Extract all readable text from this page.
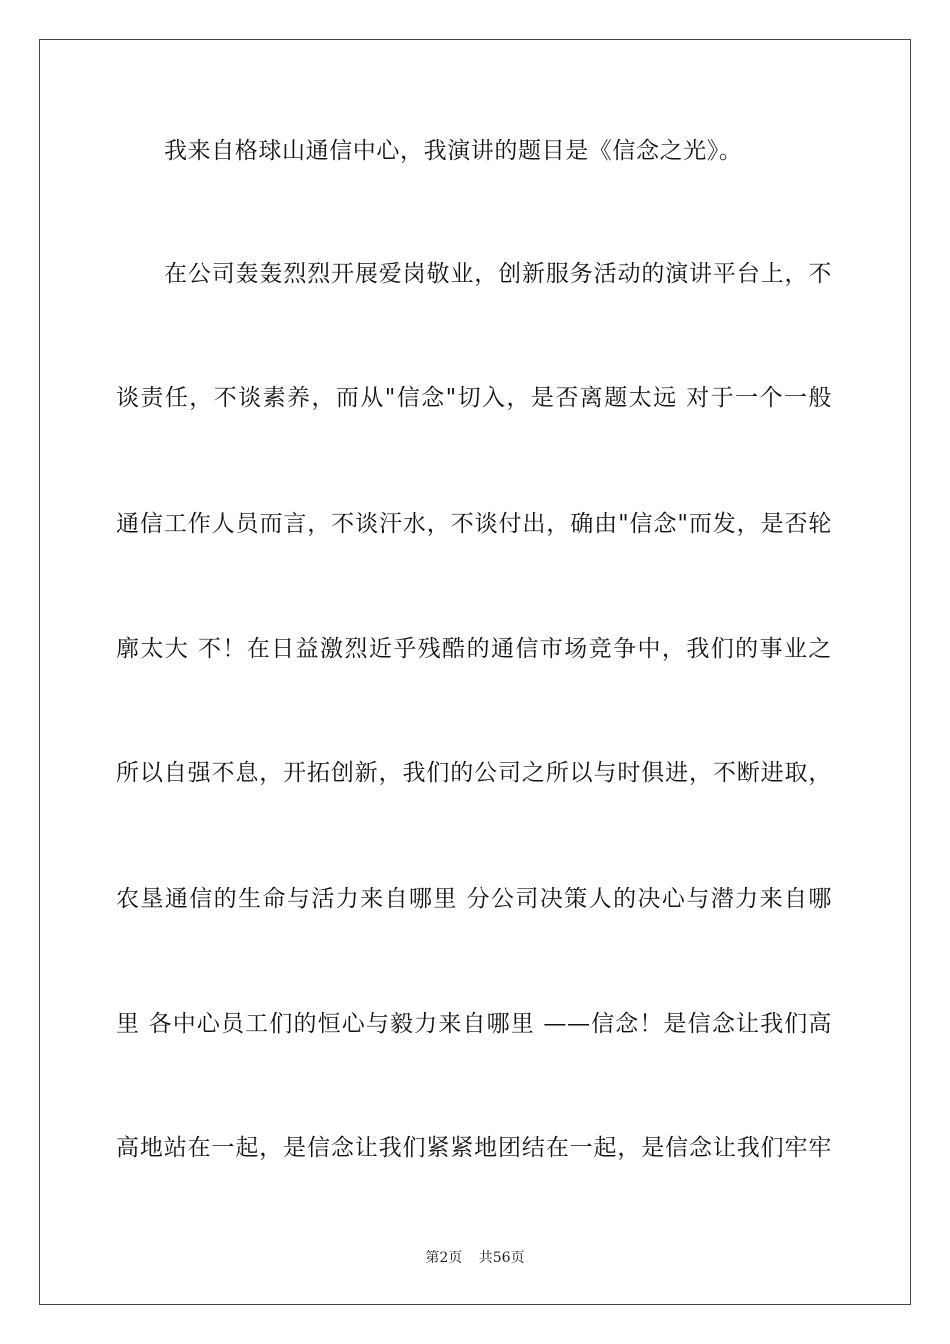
我来自格球山通信中心，我演讲的题目是《信念之光》。
在公司轰轰烈烈开展爱岗敬业，创新服务活动的演讲平台上，不
谈责任，不谈素养，而从"信念"切入，是否离题太远 对于一个一般
通信工作人员而言，不谈汗水，不谈付出，确由"信念"而发，是否轮
廓太大 不！在日益激烈近乎残酷的通信市场竞争中，我们的事业之
所以自强不息，开拓创新，我们的公司之所以与时俱进，不断进取，
农垦通信的生命与活力来自哪里 分公司决策人的决心与潜力来自哪
里 各中心员工们的恒心与毅力来自哪里 ——信念！是信念让我们高
高地站在一起，是信念让我们紧紧地团结在一起，是信念让我们牢牢
第2页 共56页
